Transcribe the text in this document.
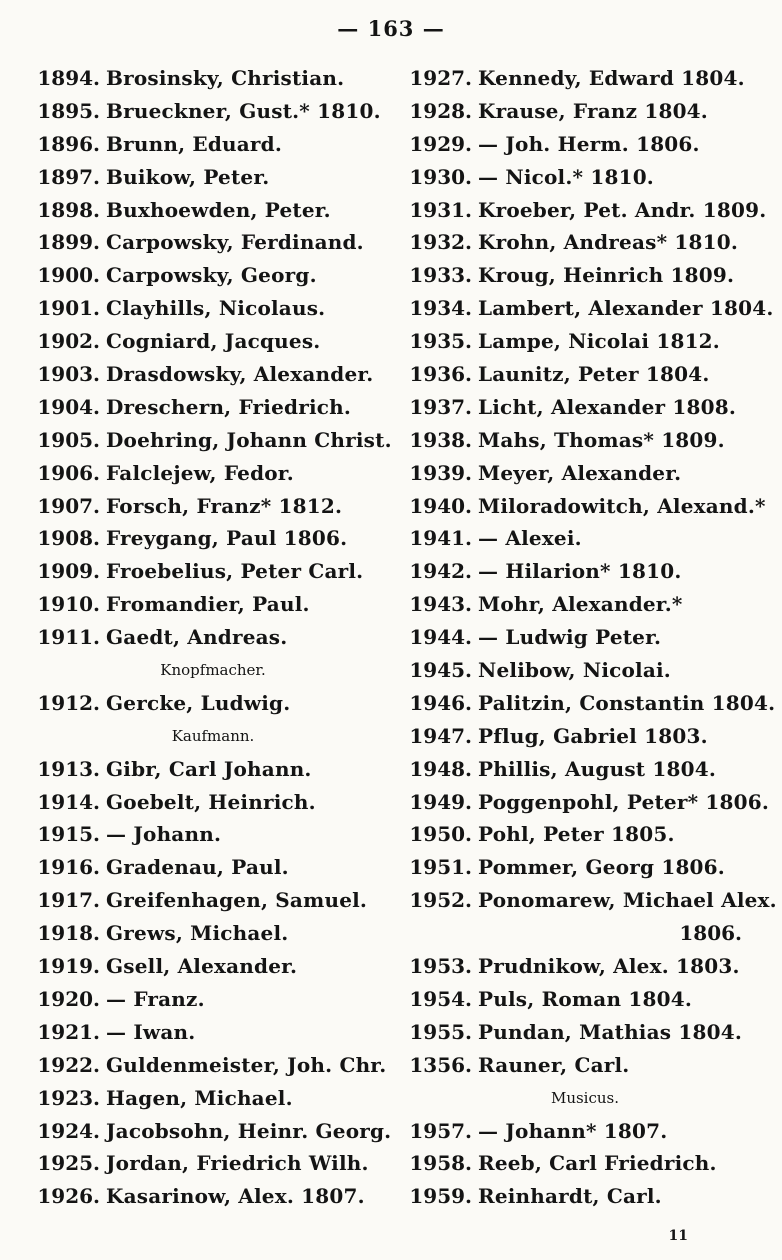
— 163 —
1894. Brosinsky, Christian.
1895. Brueckner, Gust.* 1810.
1896. Brunn, Eduard.
1897. Buikow, Peter.
1898. Buxhoewden, Peter.
1899. Carpowsky, Ferdinand.
1900. Carpowsky, Georg.
1901. Clayhills, Nicolaus.
1902. Cogniard, Jacques.
1903. Drasdowsky, Alexander.
1904. Dreschern, Friedrich.
1905. Doehring, Johann Christ.
1906. Falclejew, Fedor.
1907. Forsch, Franz* 1812.
1908. Freygang, Paul 1806.
1909. Froebelius, Peter Carl.
1910. Fromandier, Paul.
1911. Gaedt, Andreas.
Knopfmacher.
1912. Gercke, Ludwig.
Kaufmann.
1913. Gibr, Carl Johann.
1914. Goebelt, Heinrich.
1915. — Johann.
1916. Gradenau, Paul.
1917. Greifenhagen, Samuel.
1918. Grews, Michael.
1919. Gsell, Alexander.
1920. — Franz.
1921. — Iwan.
1922. Guldenmeister, Joh. Chr.
1923. Hagen, Michael.
1924. Jacobsohn, Heinr. Georg.
1925. Jordan, Friedrich Wilh.
1926. Kasarinow, Alex. 1807.
1927. Kennedy, Edward 1804.
1928. Krause, Franz 1804.
1929. — Joh. Herm. 1806.
1930. — Nicol.* 1810.
1931. Kroeber, Pet. Andr. 1809.
1932. Krohn, Andreas* 1810.
1933. Kroug, Heinrich 1809.
1934. Lambert, Alexander 1804.
1935. Lampe, Nicolai 1812.
1936. Launitz, Peter 1804.
1937. Licht, Alexander 1808.
1938. Mahs, Thomas* 1809.
1939. Meyer, Alexander.
1940. Miloradowitch, Alexand.*
1941. — Alexei.
1942. — Hilarion* 1810.
1943. Mohr, Alexander.*
1944. — Ludwig Peter.
1945. Nelibow, Nicolai.
1946. Palitzin, Constantin 1804.
1947. Pflug, Gabriel 1803.
1948. Phillis, August 1804.
1949. Poggenpohl, Peter* 1806.
1950. Pohl, Peter 1805.
1951. Pommer, Georg 1806.
1952. Ponomarew, Michael Alex.
1806.
1953. Prudnikow, Alex. 1803.
1954. Puls, Roman 1804.
1955. Pundan, Mathias 1804.
1356. Rauner, Carl.
Musicus.
1957. — Johann* 1807.
1958. Reeb, Carl Friedrich.
1959. Reinhardt, Carl.
11
